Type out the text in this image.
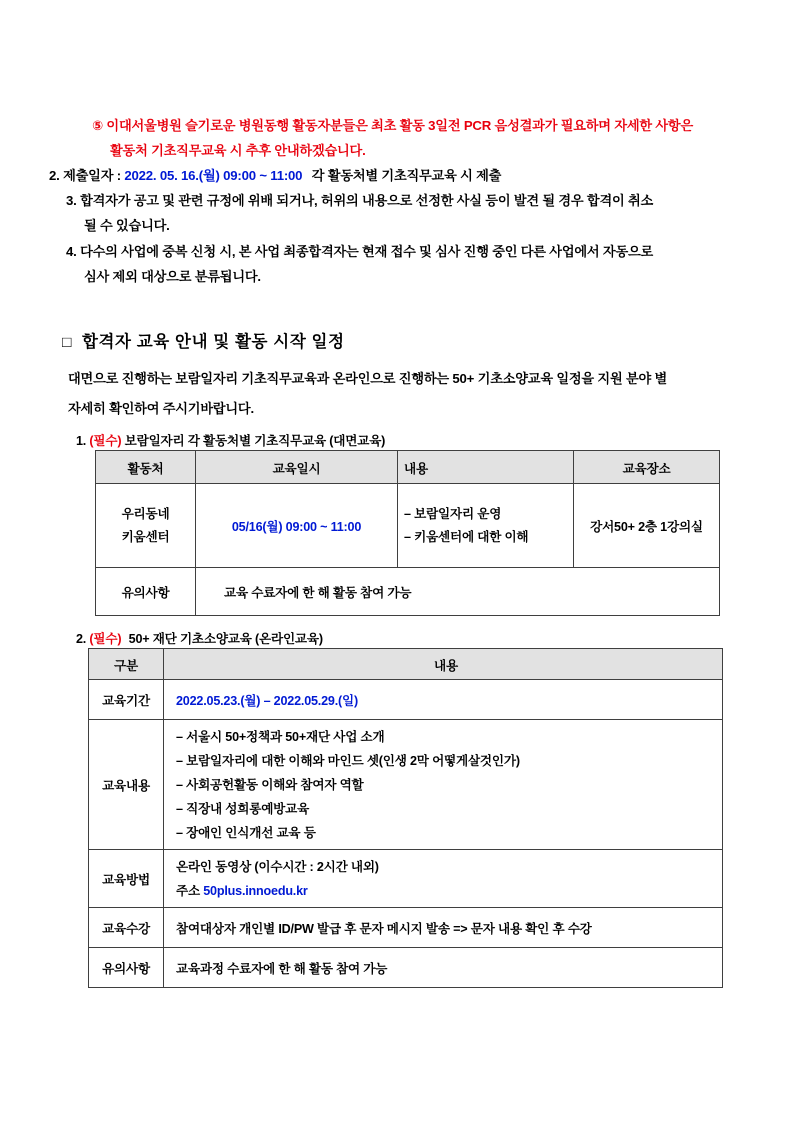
⑤ 이대서울병원 슬기로운 병원동행 활동자분들은 최초 활동 3일전 PCR 음성결과가 필요하며 자세한 사항은
활동처 기초직무교육 시 추후 안내하겠습니다.
2. 제출일자 : 2022. 05. 16.(월) 09:00 ~ 11:00 각 활동처별 기초직무교육 시 제출
3. 합격자가 공고 및 관련 규정에 위배 되거나, 허위의 내용으로 선정한 사실 등이 발견 될 경우 합격이 취소
될 수 있습니다.
4. 다수의 사업에 중복 신청 시, 본 사업 최종합격자는 현재 접수 및 심사 진행 중인 다른 사업에서 자동으로
심사 제외 대상으로 분류됩니다.
□ 합격자 교육 안내 및 활동 시작 일정
대면으로 진행하는 보람일자리 기초직무교육과 온라인으로 진행하는 50+ 기초소양교육 일정을 지원 분야 별
자세히 확인하여 주시기바랍니다.
1. (필수) 보람일자리 각 활동처별 기초직무교육 (대면교육)
활동처	교육일시	내용	교육장소

우리동네
키움센터
	05/16(월) 09:00 ~ 11:00	
– 보람일자리 운영
– 키움센터에 대한 이해
	강서50+ 2층 1강의실
유의사항	교육 수료자에 한 해 활동 참여 가능		
2. (필수) 50+ 재단 기초소양교육 (온라인교육)
구분	내용
교육기간	2022.05.23.(월) – 2022.05.29.(일)
교육내용	– 서울시 50+정책과 50+재단 사업 소개
– 보람일자리에 대한 이해와 마인드 셋(인생 2막 어떻게살것인가)
– 사회공헌활동 이해와 참여자 역할
– 직장내 성희롱예방교육
– 장애인 인식개선 교육 등

교육방법	온라인 동영상 (이수시간 : 2시간 내외)
주소 50plus.innoedu.kr

교육수강	참여대상자 개인별 ID/PW 발급 후 문자 메시지 발송 => 문자 내용 확인 후 수강
유의사항	교육과정 수료자에 한 해 활동 참여 가능
